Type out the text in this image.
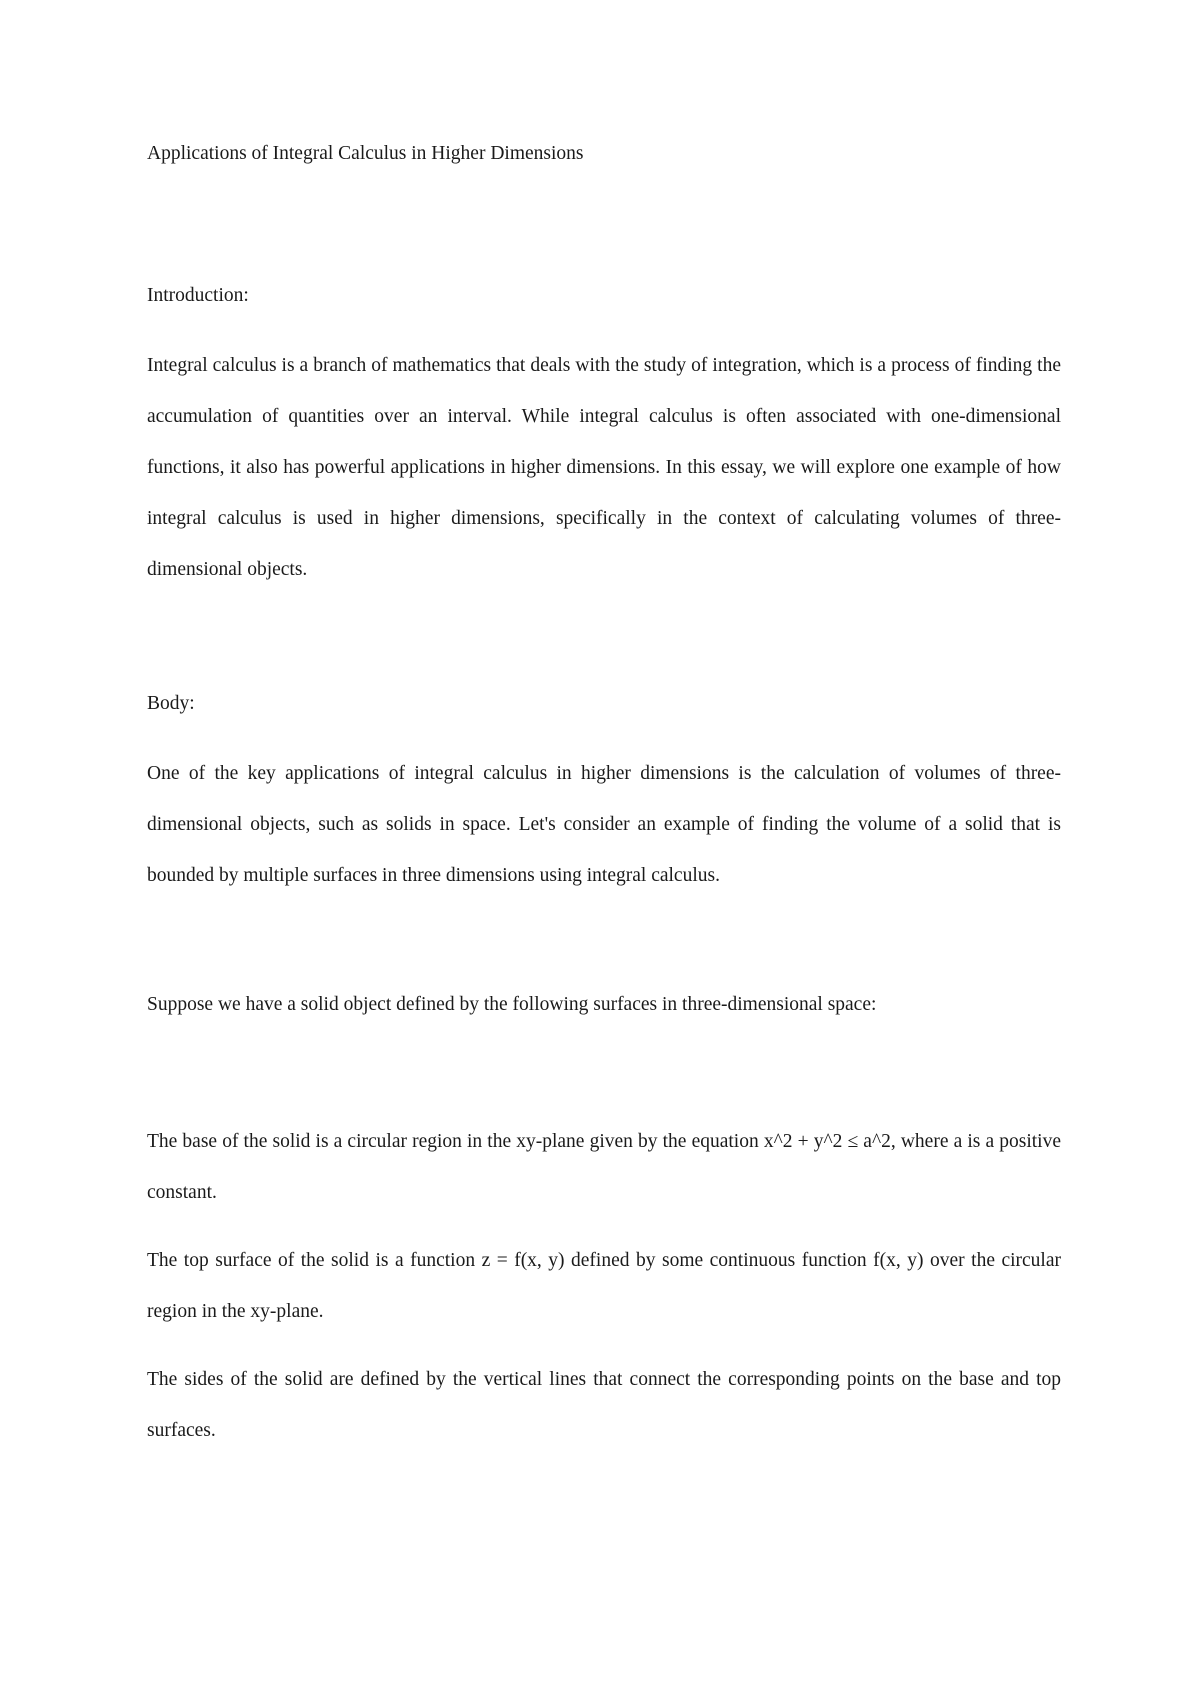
Applications of Integral Calculus in Higher Dimensions

Introduction:

Integral calculus is a branch of mathematics that deals with the study of integration, which is a process of finding the accumulation of quantities over an interval. While integral calculus is often associated with one-dimensional functions, it also has powerful applications in higher dimensions. In this essay, we will explore one example of how integral calculus is used in higher dimensions, specifically in the context of calculating volumes of three-dimensional objects.

Body:

One of the key applications of integral calculus in higher dimensions is the calculation of volumes of three-dimensional objects, such as solids in space. Let's consider an example of finding the volume of a solid that is bounded by multiple surfaces in three dimensions using integral calculus.

Suppose we have a solid object defined by the following surfaces in three-dimensional space:

The base of the solid is a circular region in the xy-plane given by the equation x^2 + y^2 ≤ a^2, where a is a positive constant.

The top surface of the solid is a function z = f(x, y) defined by some continuous function f(x, y) over the circular region in the xy-plane.

The sides of the solid are defined by the vertical lines that connect the corresponding points on the base and top surfaces.
